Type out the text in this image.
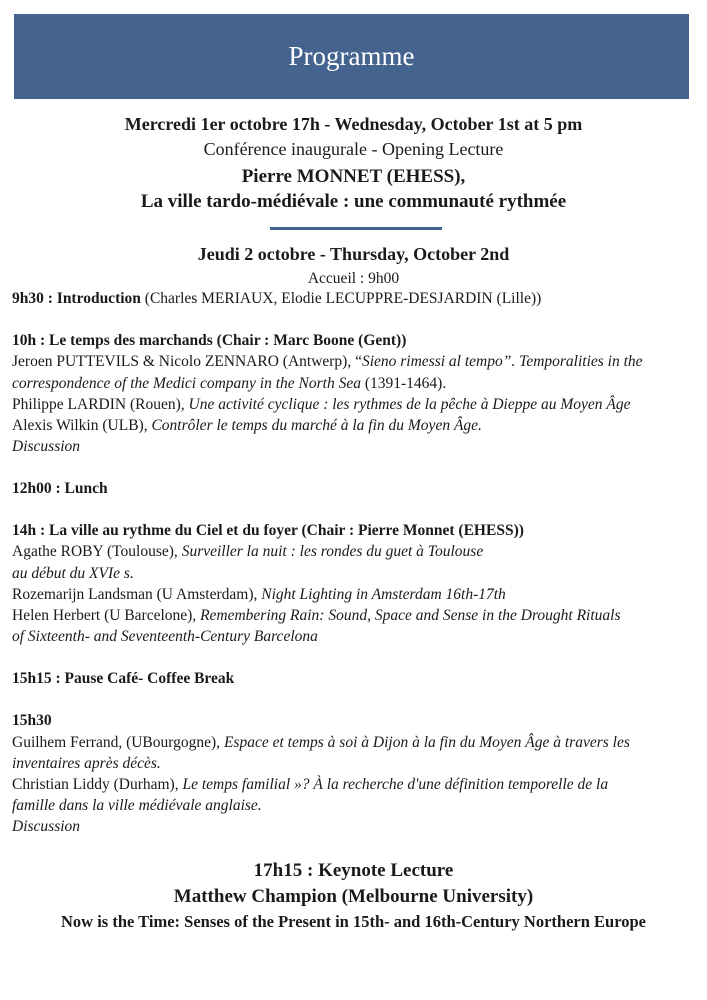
Programme
Mercredi 1er octobre 17h - Wednesday, October 1st at 5 pm
Conférence inaugurale - Opening Lecture
Pierre MONNET (EHESS),
La ville tardo-médiévale : une communauté rythmée
Jeudi 2 octobre - Thursday, October 2nd
Accueil : 9h00
9h30 : Introduction (Charles MERIAUX, Elodie LECUPPRE-DESJARDIN (Lille))
10h : Le temps des marchands (Chair : Marc Boone (Gent))
Jeroen PUTTEVILS & Nicolo ZENNARO (Antwerp), “Sieno rimessi al tempo”. Temporalities in the
correspondence of the Medici company in the North Sea (1391-1464).
Philippe LARDIN (Rouen), Une activité cyclique : les rythmes de la pêche à Dieppe au Moyen Âge
Alexis Wilkin (ULB), Contrôler le temps du marché à la fin du Moyen Âge.
Discussion
12h00 : Lunch
14h : La ville au rythme du Ciel et du foyer (Chair : Pierre Monnet (EHESS))
Agathe ROBY (Toulouse), Surveiller la nuit : les rondes du guet à Toulouse
au début du XVIe s.
Rozemarijn Landsman (U Amsterdam), Night Lighting in Amsterdam 16th-17th
Helen Herbert (U Barcelone), Remembering Rain: Sound, Space and Sense in the Drought Rituals
of Sixteenth- and Seventeenth-Century Barcelona
15h15 : Pause Café- Coffee Break
15h30
Guilhem Ferrand, (UBourgogne), Espace et temps à soi à Dijon à la fin du Moyen Âge à travers les
inventaires après décès.
Christian Liddy (Durham), Le temps familial »? À la recherche d'une définition temporelle de la
famille dans la ville médiévale anglaise.
Discussion
17h15 : Keynote Lecture
Matthew Champion (Melbourne University)
Now is the Time: Senses of the Present in 15th- and 16th-Century Northern Europe
